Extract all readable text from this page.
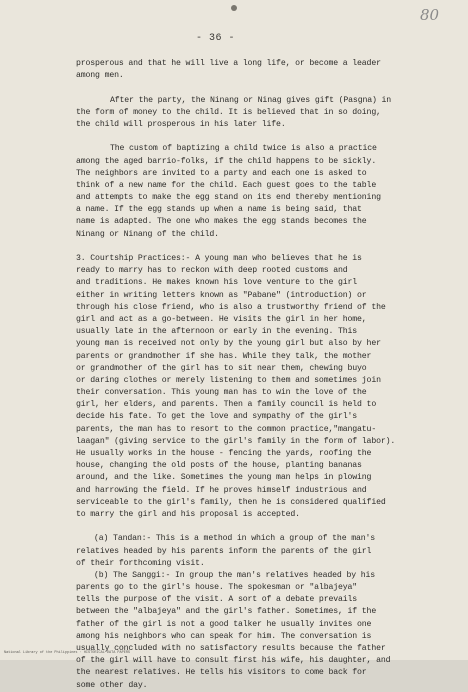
- 36 -
80
prosperous and that he will live a long life, or become a leader
among men.
After the party, the Ninang or Ninag gives gift (Pasgna) in
the form of money to the child. It is believed that in so doing,
the child will prosperous in his later life.
The custom of baptizing a child twice is also a practice
among the aged barrio-folks, if the child happens to be sickly.
The neighbors are invited to a party and each one is asked to
think of a new name for the child. Each guest goes to the table
and attempts to make the egg stand on its end thereby mentioning
a name. If the egg stands up when a name is being said, that
name is adapted. The one who makes the egg stands becomes the
Ninang or Ninang of the child.
3. Courtship Practices:- A young man who believes that he is
ready to marry has to reckon with deep rooted customs and
and traditions. He makes known his love venture to the girl
either in writing letters known as "Pabane" (introduction) or
through his close friend, who is also a trustworthy friend of the
girl and act as a go-between. He visits the girl in her home,
usually late in the afternoon or early in the evening. This
young man is received not only by the young girl but also by her
parents or grandmother if she has. While they talk, the mother
or grandmother of the girl has to sit near them, chewing buyo
or daring clothes or merely listening to them and sometimes join
their conversation. This young man has to win the love of the
girl, her elders, and parents. Then a family council is held to
decide his fate. To get the love and sympathy of the girl's
parents, the man has to resort to the common practice,"mangatu-
laagan" (giving service to the girl's family in the form of labor).
He usually works in the house - fencing the yards, roofing the
house, changing the old posts of the house, planting bananas
around, and the like. Sometimes the young man helps in plowing
and harrowing the field. If he proves himself industrious and
serviceable to the girl's family, then he is considered qualified
to marry the girl and his proposal is accepted.
(a) Tandan:- This is a method in which a group of the man's
relatives headed by his parents inform the parents of the girl
of their forthcoming visit.
(b) The Sanggi:- In group the man's relatives headed by his
parents go to the girl's house. The spokesman or "albajeya"
tells the purpose of the visit. A sort of a debate prevails
between the "albajeya" and the girl's father. Sometimes, if the
father of the girl is not a good talker he usually invites one
among his neighbors who can speak for him. The conversation is
usually concluded with no satisfactory results because the father
of the girl will have to consult first his wife, his daughter, and
the nearest relatives. He tells his visitors to come back for
some other day.
National Library of the Philippines · HISTORICAL DATA PAPERS
